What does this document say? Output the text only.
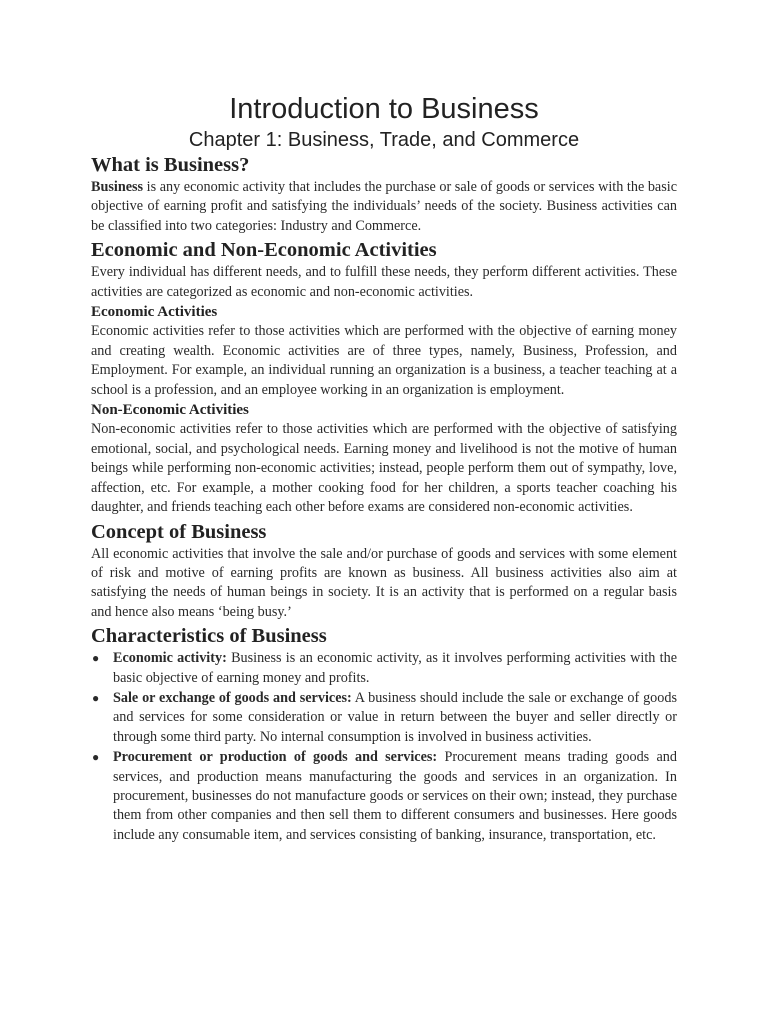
Introduction to Business
Chapter 1: Business, Trade, and Commerce
What is Business?

Business is any economic activity that includes the purchase or sale of goods or services with the basic objective of earning profit and satisfying the individuals’ needs of the society. Business activities can be classified into two categories: Industry and Commerce.

Economic and Non-Economic Activities

Every individual has different needs, and to fulfill these needs, they perform different activities. These activities are categorized as economic and non-economic activities.

Economic Activities

Economic activities refer to those activities which are performed with the objective of earning money and creating wealth. Economic activities are of three types, namely, Business, Profession, and Employment. For example, an individual running an organization is a business, a teacher teaching at a school is a profession, and an employee working in an organization is employment.

Non-Economic Activities

Non-economic activities refer to those activities which are performed with the objective of satisfying emotional, social, and psychological needs. Earning money and livelihood is not the motive of human beings while performing non-economic activities; instead, people perform them out of sympathy, love, affection, etc. For example, a mother cooking food for her children, a sports teacher coaching his daughter, and friends teaching each other before exams are considered non-economic activities.

Concept of Business

All economic activities that involve the sale and/or purchase of goods and services with some element of risk and motive of earning profits are known as business. All business activities also aim at satisfying the needs of human beings in society. It is an activity that is performed on a regular basis and hence also means ‘being busy.’

Characteristics of Business
● Economic activity: Business is an economic activity, as it involves performing activities with the basic objective of earning money and profits.
● Sale or exchange of goods and services: A business should include the sale or exchange of goods and services for some consideration or value in return between the buyer and seller directly or through some third party. No internal consumption is involved in business activities.
● Procurement or production of goods and services: Procurement means trading goods and services, and production means manufacturing the goods and services in an organization. In procurement, businesses do not manufacture goods or services on their own; instead, they purchase them from other companies and then sell them to different consumers and businesses. Here goods include any consumable item, and services consisting of banking, insurance, transportation, etc.
